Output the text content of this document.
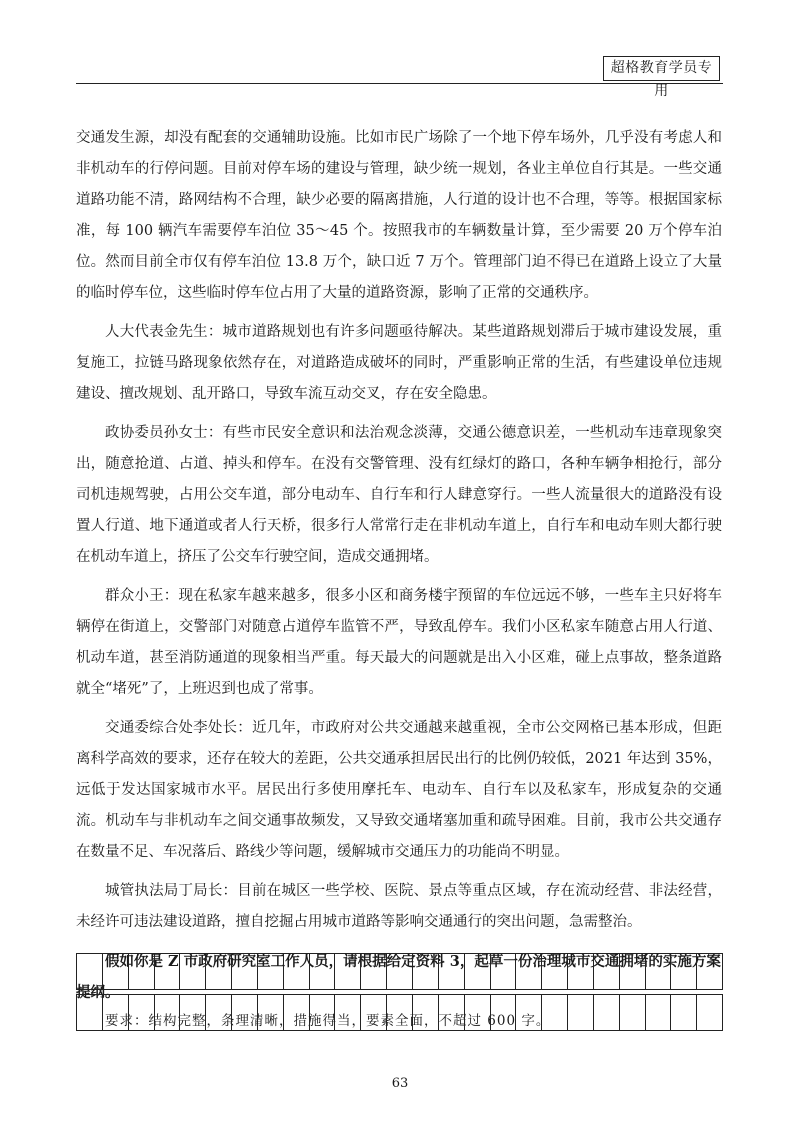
超格教育学员专用

交通发生源，却没有配套的交通辅助设施。比如市民广场除了一个地下停车场外，几乎没有考虑人和非机动车的行停问题。目前对停车场的建设与管理，缺少统一规划，各业主单位自行其是。一些交通道路功能不清，路网结构不合理，缺少必要的隔离措施，人行道的设计也不合理，等等。根据国家标准，每 100 辆汽车需要停车泊位 35～45 个。按照我市的车辆数量计算，至少需要 20 万个停车泊位。然而目前全市仅有停车泊位 13.8 万个，缺口近 7 万个。管理部门迫不得已在道路上设立了大量的临时停车位，这些临时停车位占用了大量的道路资源，影响了正常的交通秩序。

人大代表金先生：城市道路规划也有许多问题亟待解决。某些道路规划滞后于城市建设发展，重复施工，拉链马路现象依然存在，对道路造成破坏的同时，严重影响正常的生活，有些建设单位违规建设、擅改规划、乱开路口，导致车流互动交叉，存在安全隐患。

政协委员孙女士：有些市民安全意识和法治观念淡薄，交通公德意识差，一些机动车违章现象突出，随意抢道、占道、掉头和停车。在没有交警管理、没有红绿灯的路口，各种车辆争相抢行，部分司机违规驾驶，占用公交车道，部分电动车、自行车和行人肆意穿行。一些人流量很大的道路没有设置人行道、地下通道或者人行天桥，很多行人常常行走在非机动车道上，自行车和电动车则大都行驶在机动车道上，挤压了公交车行驶空间，造成交通拥堵。

群众小王：现在私家车越来越多，很多小区和商务楼宇预留的车位远远不够，一些车主只好将车辆停在街道上，交警部门对随意占道停车监管不严，导致乱停车。我们小区私家车随意占用人行道、机动车道，甚至消防通道的现象相当严重。每天最大的问题就是出入小区难，碰上点事故，整条道路就全“堵死”了，上班迟到也成了常事。

交通委综合处李处长：近几年，市政府对公共交通越来越重视，全市公交网格已基本形成，但距离科学高效的要求，还存在较大的差距，公共交通承担居民出行的比例仍较低，2021 年达到 35%，远低于发达国家城市水平。居民出行多使用摩托车、电动车、自行车以及私家车，形成复杂的交通流。机动车与非机动车之间交通事故频发，又导致交通堵塞加重和疏导困难。目前，我市公共交通存在数量不足、车况落后、路线少等问题，缓解城市交通压力的功能尚不明显。

城管执法局丁局长：目前在城区一些学校、医院、景点等重点区域，存在流动经营、非法经营，未经许可违法建设道路，擅自挖掘占用城市道路等影响交通通行的突出问题，急需整治。

假如你是 Z 市政府研究室工作人员，请根据给定资料 3，起草一份治理城市交通拥堵的实施方案提纲。

要求：结构完整，条理清晰，措施得当，要素全面，不超过 600 字。

63
